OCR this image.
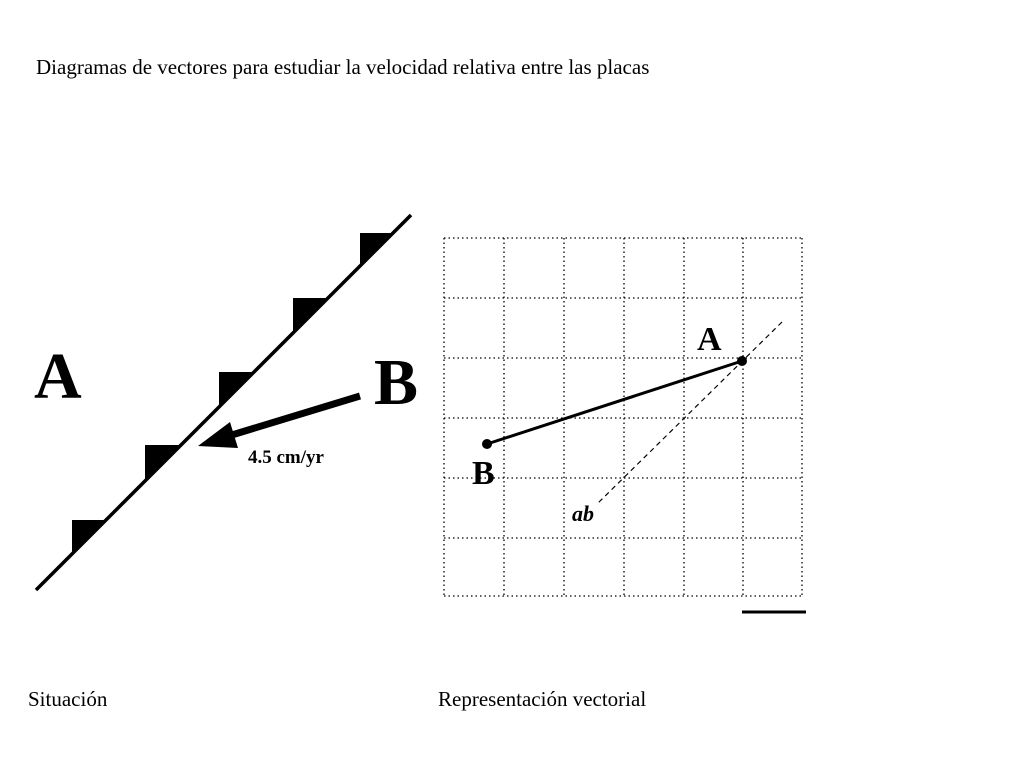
Diagramas de vectores para estudiar la velocidad relativa entre las placas
A	B
4.5 cm/yr
A
B
ab
Situación	Representación vectorial
